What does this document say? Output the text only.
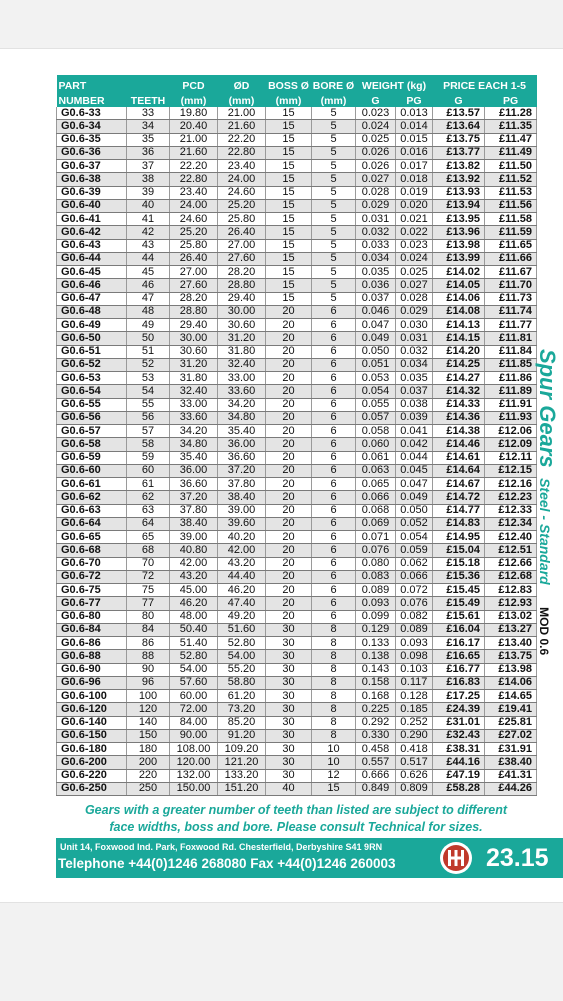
PART		PCD	ØD	BOSS Ø	BORE Ø	WEIGHT (kg)		PRICE EACH 1-5	
NUMBER	TEETH	(mm)	(mm)	(mm)	(mm)	G	PG	G	PG
G0.6-33	33	19.80	21.00	15	5	0.023	0.013	£13.57	£11.28
G0.6-34	34	20.40	21.60	15	5	0.024	0.014	£13.64	£11.35
G0.6-35	35	21.00	22.20	15	5	0.025	0.015	£13.75	£11.47
G0.6-36	36	21.60	22.80	15	5	0.026	0.016	£13.77	£11.49
G0.6-37	37	22.20	23.40	15	5	0.026	0.017	£13.82	£11.50
G0.6-38	38	22.80	24.00	15	5	0.027	0.018	£13.92	£11.52
G0.6-39	39	23.40	24.60	15	5	0.028	0.019	£13.93	£11.53
G0.6-40	40	24.00	25.20	15	5	0.029	0.020	£13.94	£11.56
G0.6-41	41	24.60	25.80	15	5	0.031	0.021	£13.95	£11.58
G0.6-42	42	25.20	26.40	15	5	0.032	0.022	£13.96	£11.59
G0.6-43	43	25.80	27.00	15	5	0.033	0.023	£13.98	£11.65
G0.6-44	44	26.40	27.60	15	5	0.034	0.024	£13.99	£11.66
G0.6-45	45	27.00	28.20	15	5	0.035	0.025	£14.02	£11.67
G0.6-46	46	27.60	28.80	15	5	0.036	0.027	£14.05	£11.70
G0.6-47	47	28.20	29.40	15	5	0.037	0.028	£14.06	£11.73
G0.6-48	48	28.80	30.00	20	6	0.046	0.029	£14.08	£11.74
G0.6-49	49	29.40	30.60	20	6	0.047	0.030	£14.13	£11.77
G0.6-50	50	30.00	31.20	20	6	0.049	0.031	£14.15	£11.81
G0.6-51	51	30.60	31.80	20	6	0.050	0.032	£14.20	£11.84
G0.6-52	52	31.20	32.40	20	6	0.051	0.034	£14.25	£11.85
G0.6-53	53	31.80	33.00	20	6	0.053	0.035	£14.27	£11.86
G0.6-54	54	32.40	33.60	20	6	0.054	0.037	£14.32	£11.89
G0.6-55	55	33.00	34.20	20	6	0.055	0.038	£14.33	£11.91
G0.6-56	56	33.60	34.80	20	6	0.057	0.039	£14.36	£11.93
G0.6-57	57	34.20	35.40	20	6	0.058	0.041	£14.38	£12.06
G0.6-58	58	34.80	36.00	20	6	0.060	0.042	£14.46	£12.09
G0.6-59	59	35.40	36.60	20	6	0.061	0.044	£14.61	£12.11
G0.6-60	60	36.00	37.20	20	6	0.063	0.045	£14.64	£12.15
G0.6-61	61	36.60	37.80	20	6	0.065	0.047	£14.67	£12.16
G0.6-62	62	37.20	38.40	20	6	0.066	0.049	£14.72	£12.23
G0.6-63	63	37.80	39.00	20	6	0.068	0.050	£14.77	£12.33
G0.6-64	64	38.40	39.60	20	6	0.069	0.052	£14.83	£12.34
G0.6-65	65	39.00	40.20	20	6	0.071	0.054	£14.95	£12.40
G0.6-68	68	40.80	42.00	20	6	0.076	0.059	£15.04	£12.51
G0.6-70	70	42.00	43.20	20	6	0.080	0.062	£15.18	£12.66
G0.6-72	72	43.20	44.40	20	6	0.083	0.066	£15.36	£12.68
G0.6-75	75	45.00	46.20	20	6	0.089	0.072	£15.45	£12.83
G0.6-77	77	46.20	47.40	20	6	0.093	0.076	£15.49	£12.93
G0.6-80	80	48.00	49.20	20	6	0.099	0.082	£15.61	£13.02
G0.6-84	84	50.40	51.60	30	8	0.129	0.089	£16.04	£13.27
G0.6-86	86	51.40	52.80	30	8	0.133	0.093	£16.17	£13.40
G0.6-88	88	52.80	54.00	30	8	0.138	0.098	£16.65	£13.75
G0.6-90	90	54.00	55.20	30	8	0.143	0.103	£16.77	£13.98
G0.6-96	96	57.60	58.80	30	8	0.158	0.117	£16.83	£14.06
G0.6-100	100	60.00	61.20	30	8	0.168	0.128	£17.25	£14.65
G0.6-120	120	72.00	73.20	30	8	0.225	0.185	£24.39	£19.41
G0.6-140	140	84.00	85.20	30	8	0.292	0.252	£31.01	£25.81
G0.6-150	150	90.00	91.20	30	8	0.330	0.290	£32.43	£27.02
G0.6-180	180	108.00	109.20	30	10	0.458	0.418	£38.31	£31.91
G0.6-200	200	120.00	121.20	30	10	0.557	0.517	£44.16	£38.40
G0.6-220	220	132.00	133.20	30	12	0.666	0.626	£47.19	£41.31
G0.6-250	250	150.00	151.20	40	15	0.849	0.809	£58.28	£44.26
Spur Gears Steel - Standard MOD 0.6
Gears with a greater number of teeth than listed are subject to different
face widths, boss and bore. Please consult Technical for sizes.
Unit 14, Foxwood Ind. Park, Foxwood Rd. Chesterfield, Derbyshire S41 9RN
Telephone +44(0)1246 268080 Fax +44(0)1246 260003	23.15
